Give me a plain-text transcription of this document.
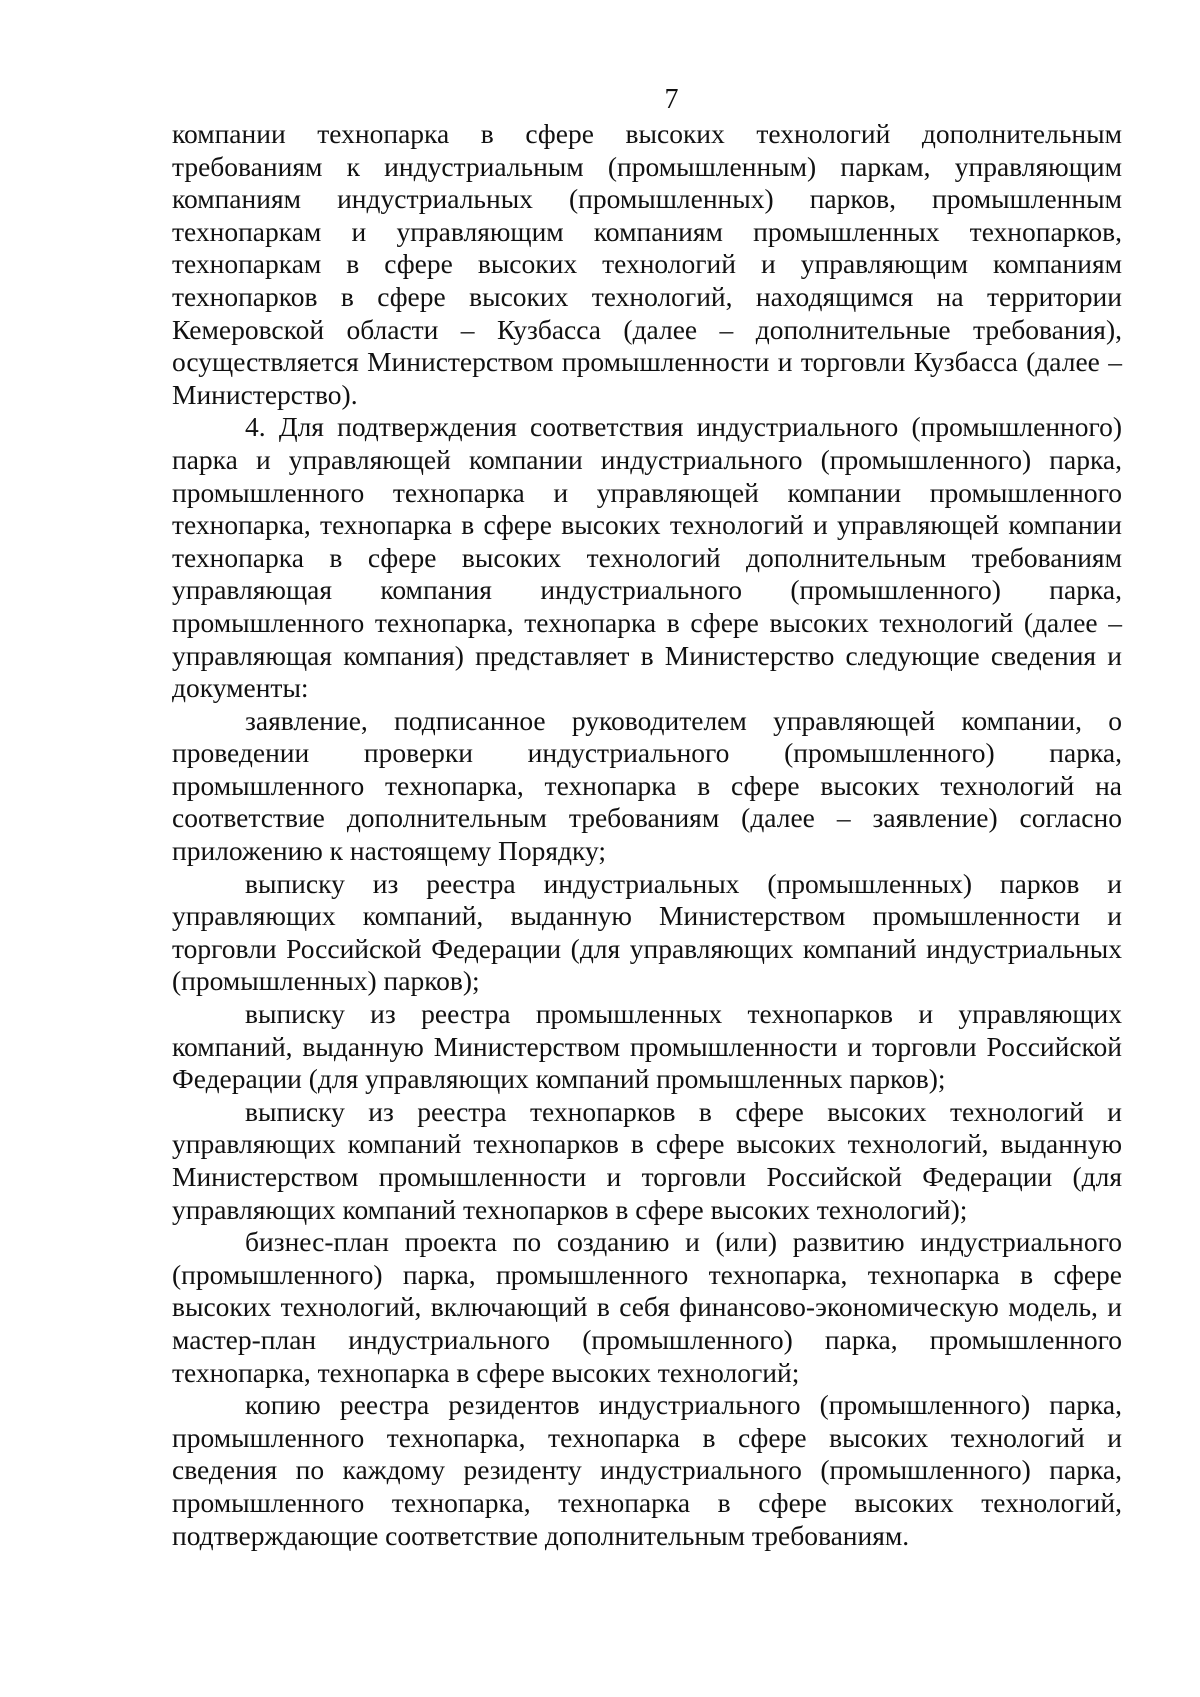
7

компании технопарка в сфере высоких технологий дополнительным требованиям к индустриальным (промышленным) паркам, управляющим компаниям индустриальных (промышленных) парков, промышленным технопаркам и управляющим компаниям промышленных технопарков, технопаркам в сфере высоких технологий и управляющим компаниям технопарков в сфере высоких технологий, находящимся на территории Кемеровской области – Кузбасса (далее – дополнительные требования), осуществляется Министерством промышленности и торговли Кузбасса (далее – Министерство).

4. Для подтверждения соответствия индустриального (промышленного) парка и управляющей компании индустриального (промышленного) парка, промышленного технопарка и управляющей компании промышленного технопарка, технопарка в сфере высоких технологий и управляющей компании технопарка в сфере высоких технологий дополнительным требованиям управляющая компания индустриального (промышленного) парка, промышленного технопарка, технопарка в сфере высоких технологий (далее – управляющая компания) представляет в Министерство следующие сведения и документы:

заявление, подписанное руководителем управляющей компании, о проведении проверки индустриального (промышленного) парка, промышленного технопарка, технопарка в сфере высоких технологий на соответствие дополнительным требованиям (далее – заявление) согласно приложению к настоящему Порядку;

выписку из реестра индустриальных (промышленных) парков и управляющих компаний, выданную Министерством промышленности и торговли Российской Федерации (для управляющих компаний индустриальных (промышленных) парков);

выписку из реестра промышленных технопарков и управляющих компаний, выданную Министерством промышленности и торговли Российской Федерации (для управляющих компаний промышленных парков);

выписку из реестра технопарков в сфере высоких технологий и управляющих компаний технопарков в сфере высоких технологий, выданную Министерством промышленности и торговли Российской Федерации (для управляющих компаний технопарков в сфере высоких технологий);

бизнес-план проекта по созданию и (или) развитию индустриального (промышленного) парка, промышленного технопарка, технопарка в сфере высоких технологий, включающий в себя финансово-экономическую модель, и мастер-план индустриального (промышленного) парка, промышленного технопарка, технопарка в сфере высоких технологий;

копию реестра резидентов индустриального (промышленного) парка, промышленного технопарка, технопарка в сфере высоких технологий и сведения по каждому резиденту индустриального (промышленного) парка, промышленного технопарка, технопарка в сфере высоких технологий, подтверждающие соответствие дополнительным требованиям.
